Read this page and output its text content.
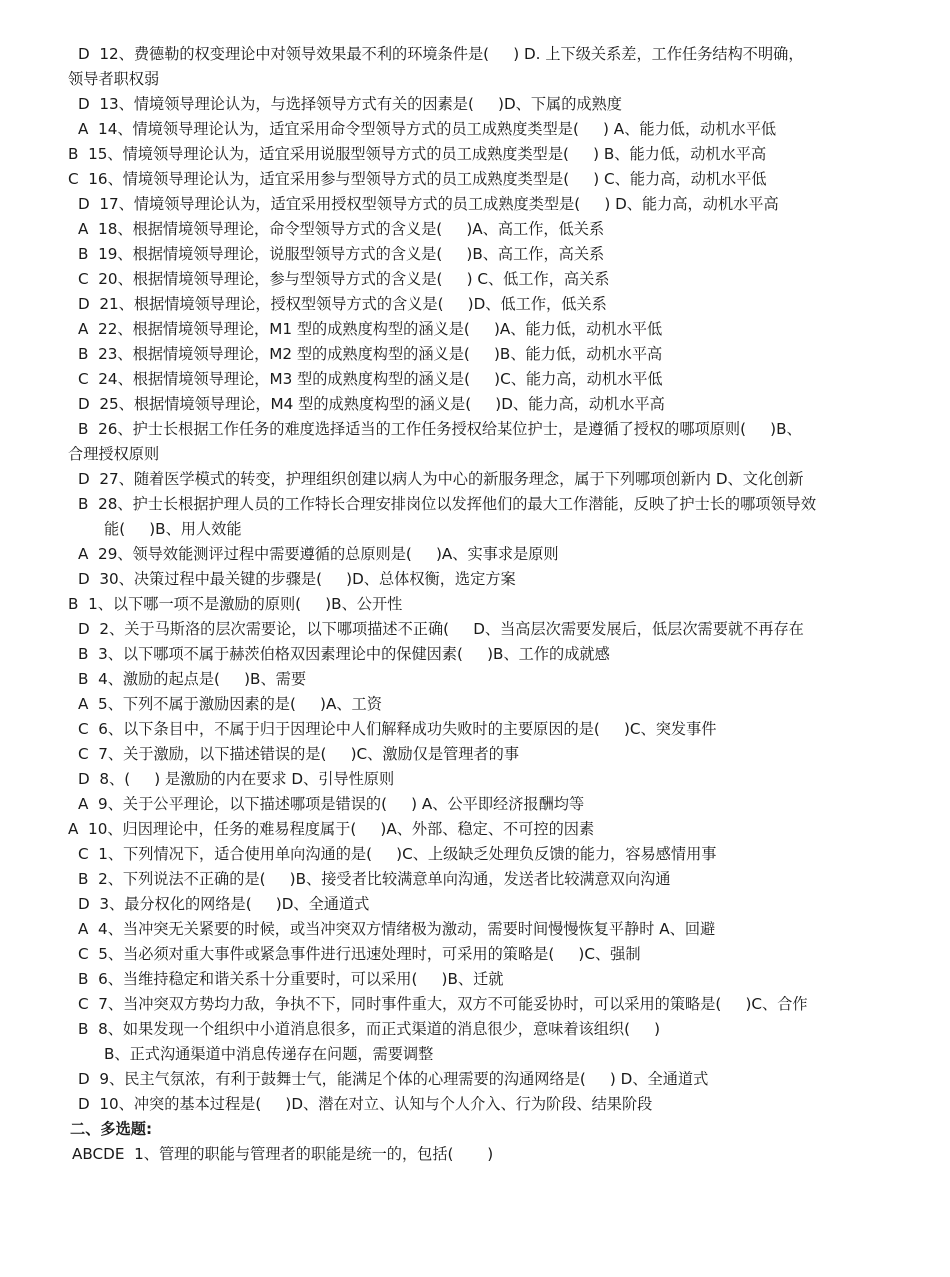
D  12、费德勒的权变理论中对领导效果最不利的环境条件是(     ) D. 上下级关系差，工作任务结构不明确，
领导者职权弱
D  13、情境领导理论认为，与选择领导方式有关的因素是(     )D、下属的成熟度
A  14、情境领导理论认为，适宜采用命令型领导方式的员工成熟度类型是(     ) A、能力低，动机水平低
B  15、情境领导理论认为，适宜采用说服型领导方式的员工成熟度类型是(     ) B、能力低，动机水平高
C  16、情境领导理论认为，适宜采用参与型领导方式的员工成熟度类型是(     ) C、能力高，动机水平低
D  17、情境领导理论认为，适宜采用授权型领导方式的员工成熟度类型是(     ) D、能力高，动机水平高
A  18、根据情境领导理论，命令型领导方式的含义是(     )A、高工作，低关系
B  19、根据情境领导理论，说服型领导方式的含义是(     )B、高工作，高关系
C  20、根据情境领导理论，参与型领导方式的含义是(     ) C、低工作，高关系
D  21、根据情境领导理论，授权型领导方式的含义是(     )D、低工作，低关系
A  22、根据情境领导理论，M1 型的成熟度构型的涵义是(     )A、能力低，动机水平低
B  23、根据情境领导理论，M2 型的成熟度构型的涵义是(     )B、能力低，动机水平高
C  24、根据情境领导理论，M3 型的成熟度构型的涵义是(     )C、能力高，动机水平低
D  25、根据情境领导理论，M4 型的成熟度构型的涵义是(     )D、能力高，动机水平高
B  26、护士长根据工作任务的难度选择适当的工作任务授权给某位护士，是遵循了授权的哪项原则(     )B、
合理授权原则
D  27、随着医学模式的转变，护理组织创建以病人为中心的新服务理念，属于下列哪项创新内 D、文化创新
B  28、护士长根据护理人员的工作特长合理安排岗位以发挥他们的最大工作潜能，反映了护士长的哪项领导效
能(     )B、用人效能
A  29、领导效能测评过程中需要遵循的总原则是(     )A、实事求是原则
D  30、决策过程中最关键的步骤是(     )D、总体权衡，选定方案
B  1、以下哪一项不是激励的原则(     )B、公开性
D  2、关于马斯洛的层次需要论，以下哪项描述不正确(     D、当高层次需要发展后，低层次需要就不再存在
B  3、以下哪项不属于赫茨伯格双因素理论中的保健因素(     )B、工作的成就感
B  4、激励的起点是(     )B、需要
A  5、下列不属于激励因素的是(     )A、工资
C  6、以下条目中，不属于归于因理论中人们解释成功失败时的主要原因的是(     )C、突发事件
C  7、关于激励，以下描述错误的是(     )C、激励仅是管理者的事
D  8、(     ) 是激励的内在要求 D、引导性原则
A  9、关于公平理论，以下描述哪项是错误的(     ) A、公平即经济报酬均等
A  10、归因理论中，任务的难易程度属于(     )A、外部、稳定、不可控的因素
C  1、下列情况下，适合使用单向沟通的是(     )C、上级缺乏处理负反馈的能力，容易感情用事
B  2、下列说法不正确的是(     )B、接受者比较满意单向沟通，发送者比较满意双向沟通
D  3、最分权化的网络是(     )D、全通道式
A  4、当冲突无关紧要的时候，或当冲突双方情绪极为激动，需要时间慢慢恢复平静时 A、回避
C  5、当必须对重大事件或紧急事件进行迅速处理时，可采用的策略是(     )C、强制
B  6、当维持稳定和谐关系十分重要时，可以采用(     )B、迁就
C  7、当冲突双方势均力敌，争执不下，同时事件重大，双方不可能妥协时，可以采用的策略是(     )C、合作
B  8、如果发现一个组织中小道消息很多，而正式渠道的消息很少，意味着该组织(     )
B、正式沟通渠道中消息传递存在问题，需要调整
D  9、民主气氛浓，有利于鼓舞士气，能满足个体的心理需要的沟通网络是(     ) D、全通道式
D  10、冲突的基本过程是(     )D、潜在对立、认知与个人介入、行为阶段、结果阶段
二、多选题:
ABCDE  1、管理的职能与管理者的职能是统一的，包括(       )
